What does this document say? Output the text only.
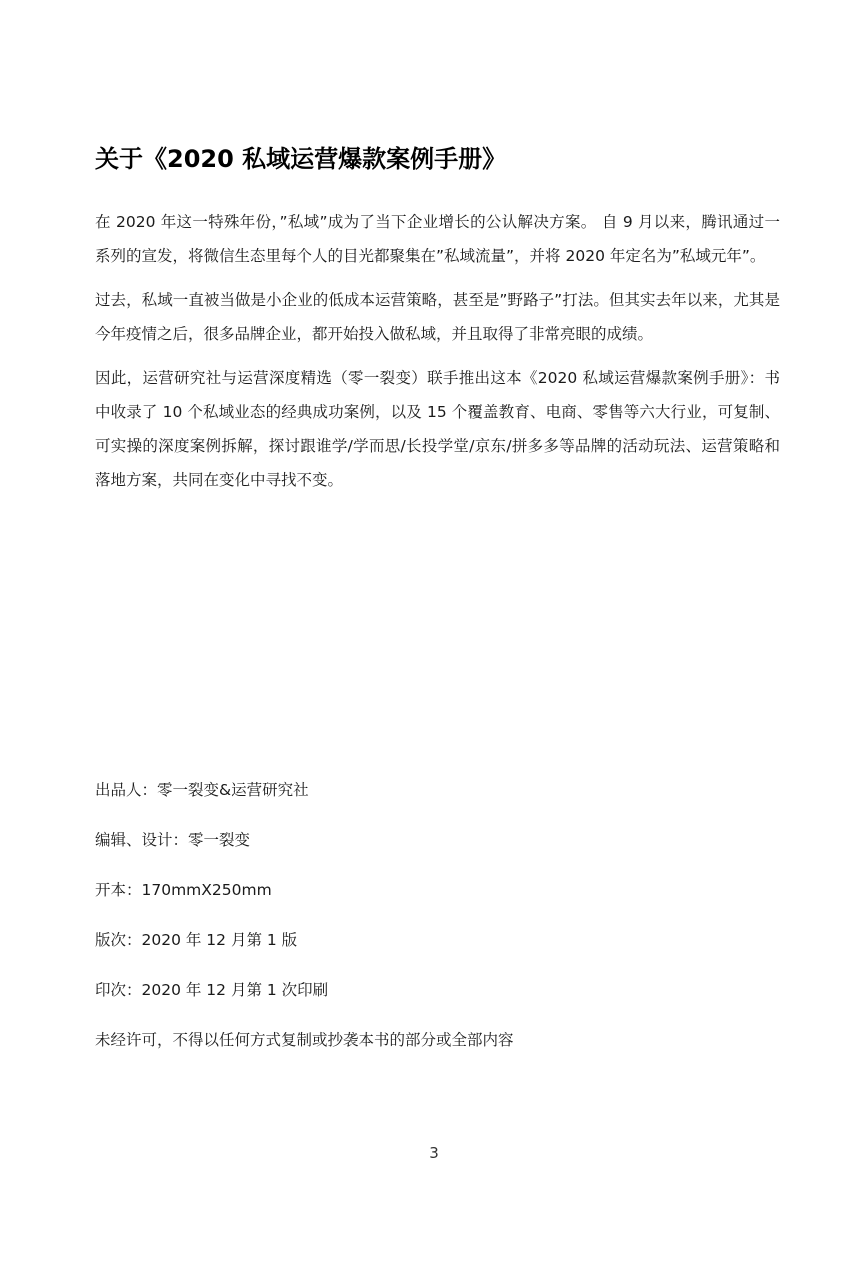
关于《2020 私域运营爆款案例手册》

在 2020 年这一特殊年份，”私域”成为了当下企业增长的公认解决方案。 自 9 月以来，腾讯通过一系列的宣发，将微信生态里每个人的目光都聚集在”私域流量”，并将 2020 年定名为”私域元年”。

过去，私域一直被当做是小企业的低成本运营策略，甚至是”野路子”打法。但其实去年以来，尤其是今年疫情之后，很多品牌企业，都开始投入做私域，并且取得了非常亮眼的成绩。

因此，运营研究社与运营深度精选（零一裂变）联手推出这本《2020 私域运营爆款案例手册》：书中收录了 10 个私域业态的经典成功案例，以及 15 个覆盖教育、电商、零售等六大行业，可复制、可实操的深度案例拆解，探讨跟谁学/学而思/长投学堂/京东/拼多多等品牌的活动玩法、运营策略和落地方案，共同在变化中寻找不变。

出品人：零一裂变&运营研究社

编辑、设计：零一裂变

开本：170mmX250mm

版次：2020 年 12 月第 1 版

印次：2020 年 12 月第 1 次印刷

未经许可，不得以任何方式复制或抄袭本书的部分或全部内容

3
